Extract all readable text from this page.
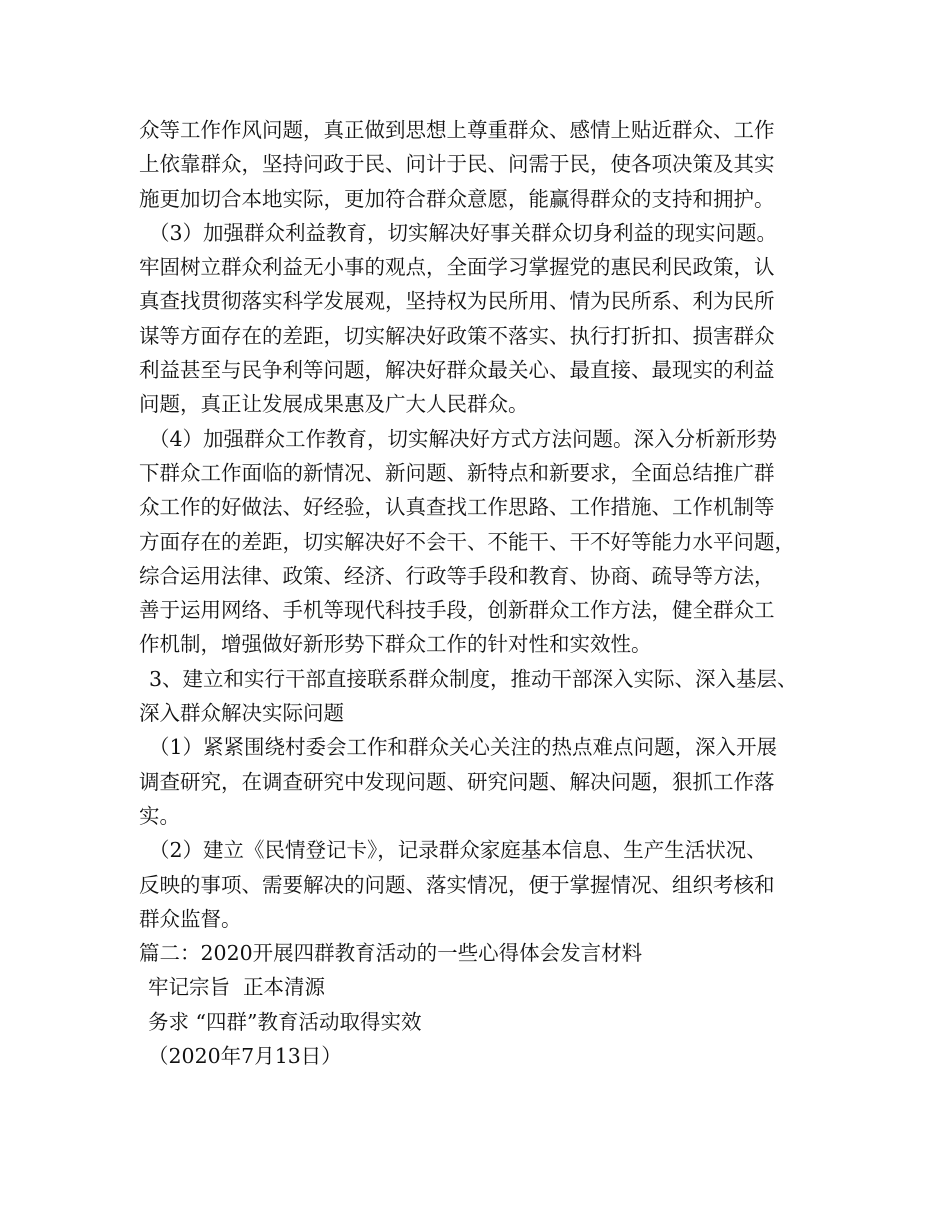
众等工作作风问题，真正做到思想上尊重群众、感情上贴近群众、工作
上依靠群众，坚持问政于民、问计于民、问需于民，使各项决策及其实
施更加切合本地实际，更加符合群众意愿，能赢得群众的支持和拥护。
（3）加强群众利益教育，切实解决好事关群众切身利益的现实问题。
牢固树立群众利益无小事的观点，全面学习掌握党的惠民利民政策，认
真查找贯彻落实科学发展观，坚持权为民所用、情为民所系、利为民所
谋等方面存在的差距，切实解决好政策不落实、执行打折扣、损害群众
利益甚至与民争利等问题，解决好群众最关心、最直接、最现实的利益
问题，真正让发展成果惠及广大人民群众。
（4）加强群众工作教育，切实解决好方式方法问题。深入分析新形势
下群众工作面临的新情况、新问题、新特点和新要求，全面总结推广群
众工作的好做法、好经验，认真查找工作思路、工作措施、工作机制等
方面存在的差距，切实解决好不会干、不能干、干不好等能力水平问题，
综合运用法律、政策、经济、行政等手段和教育、协商、疏导等方法，
善于运用网络、手机等现代科技手段，创新群众工作方法，健全群众工
作机制，增强做好新形势下群众工作的针对性和实效性。
3、建立和实行干部直接联系群众制度，推动干部深入实际、深入基层、
深入群众解决实际问题
（1）紧紧围绕村委会工作和群众关心关注的热点难点问题，深入开展
调查研究，在调查研究中发现问题、研究问题、解决问题，狠抓工作落
实。
（2）建立《民情登记卡》，记录群众家庭基本信息、生产生活状况、
反映的事项、需要解决的问题、落实情况，便于掌握情况、组织考核和
群众监督。
篇二：2020开展四群教育活动的一些心得体会发言材料
牢记宗旨  正本清源
务求 “四群”教育活动取得实效
（2020年7月13日）
